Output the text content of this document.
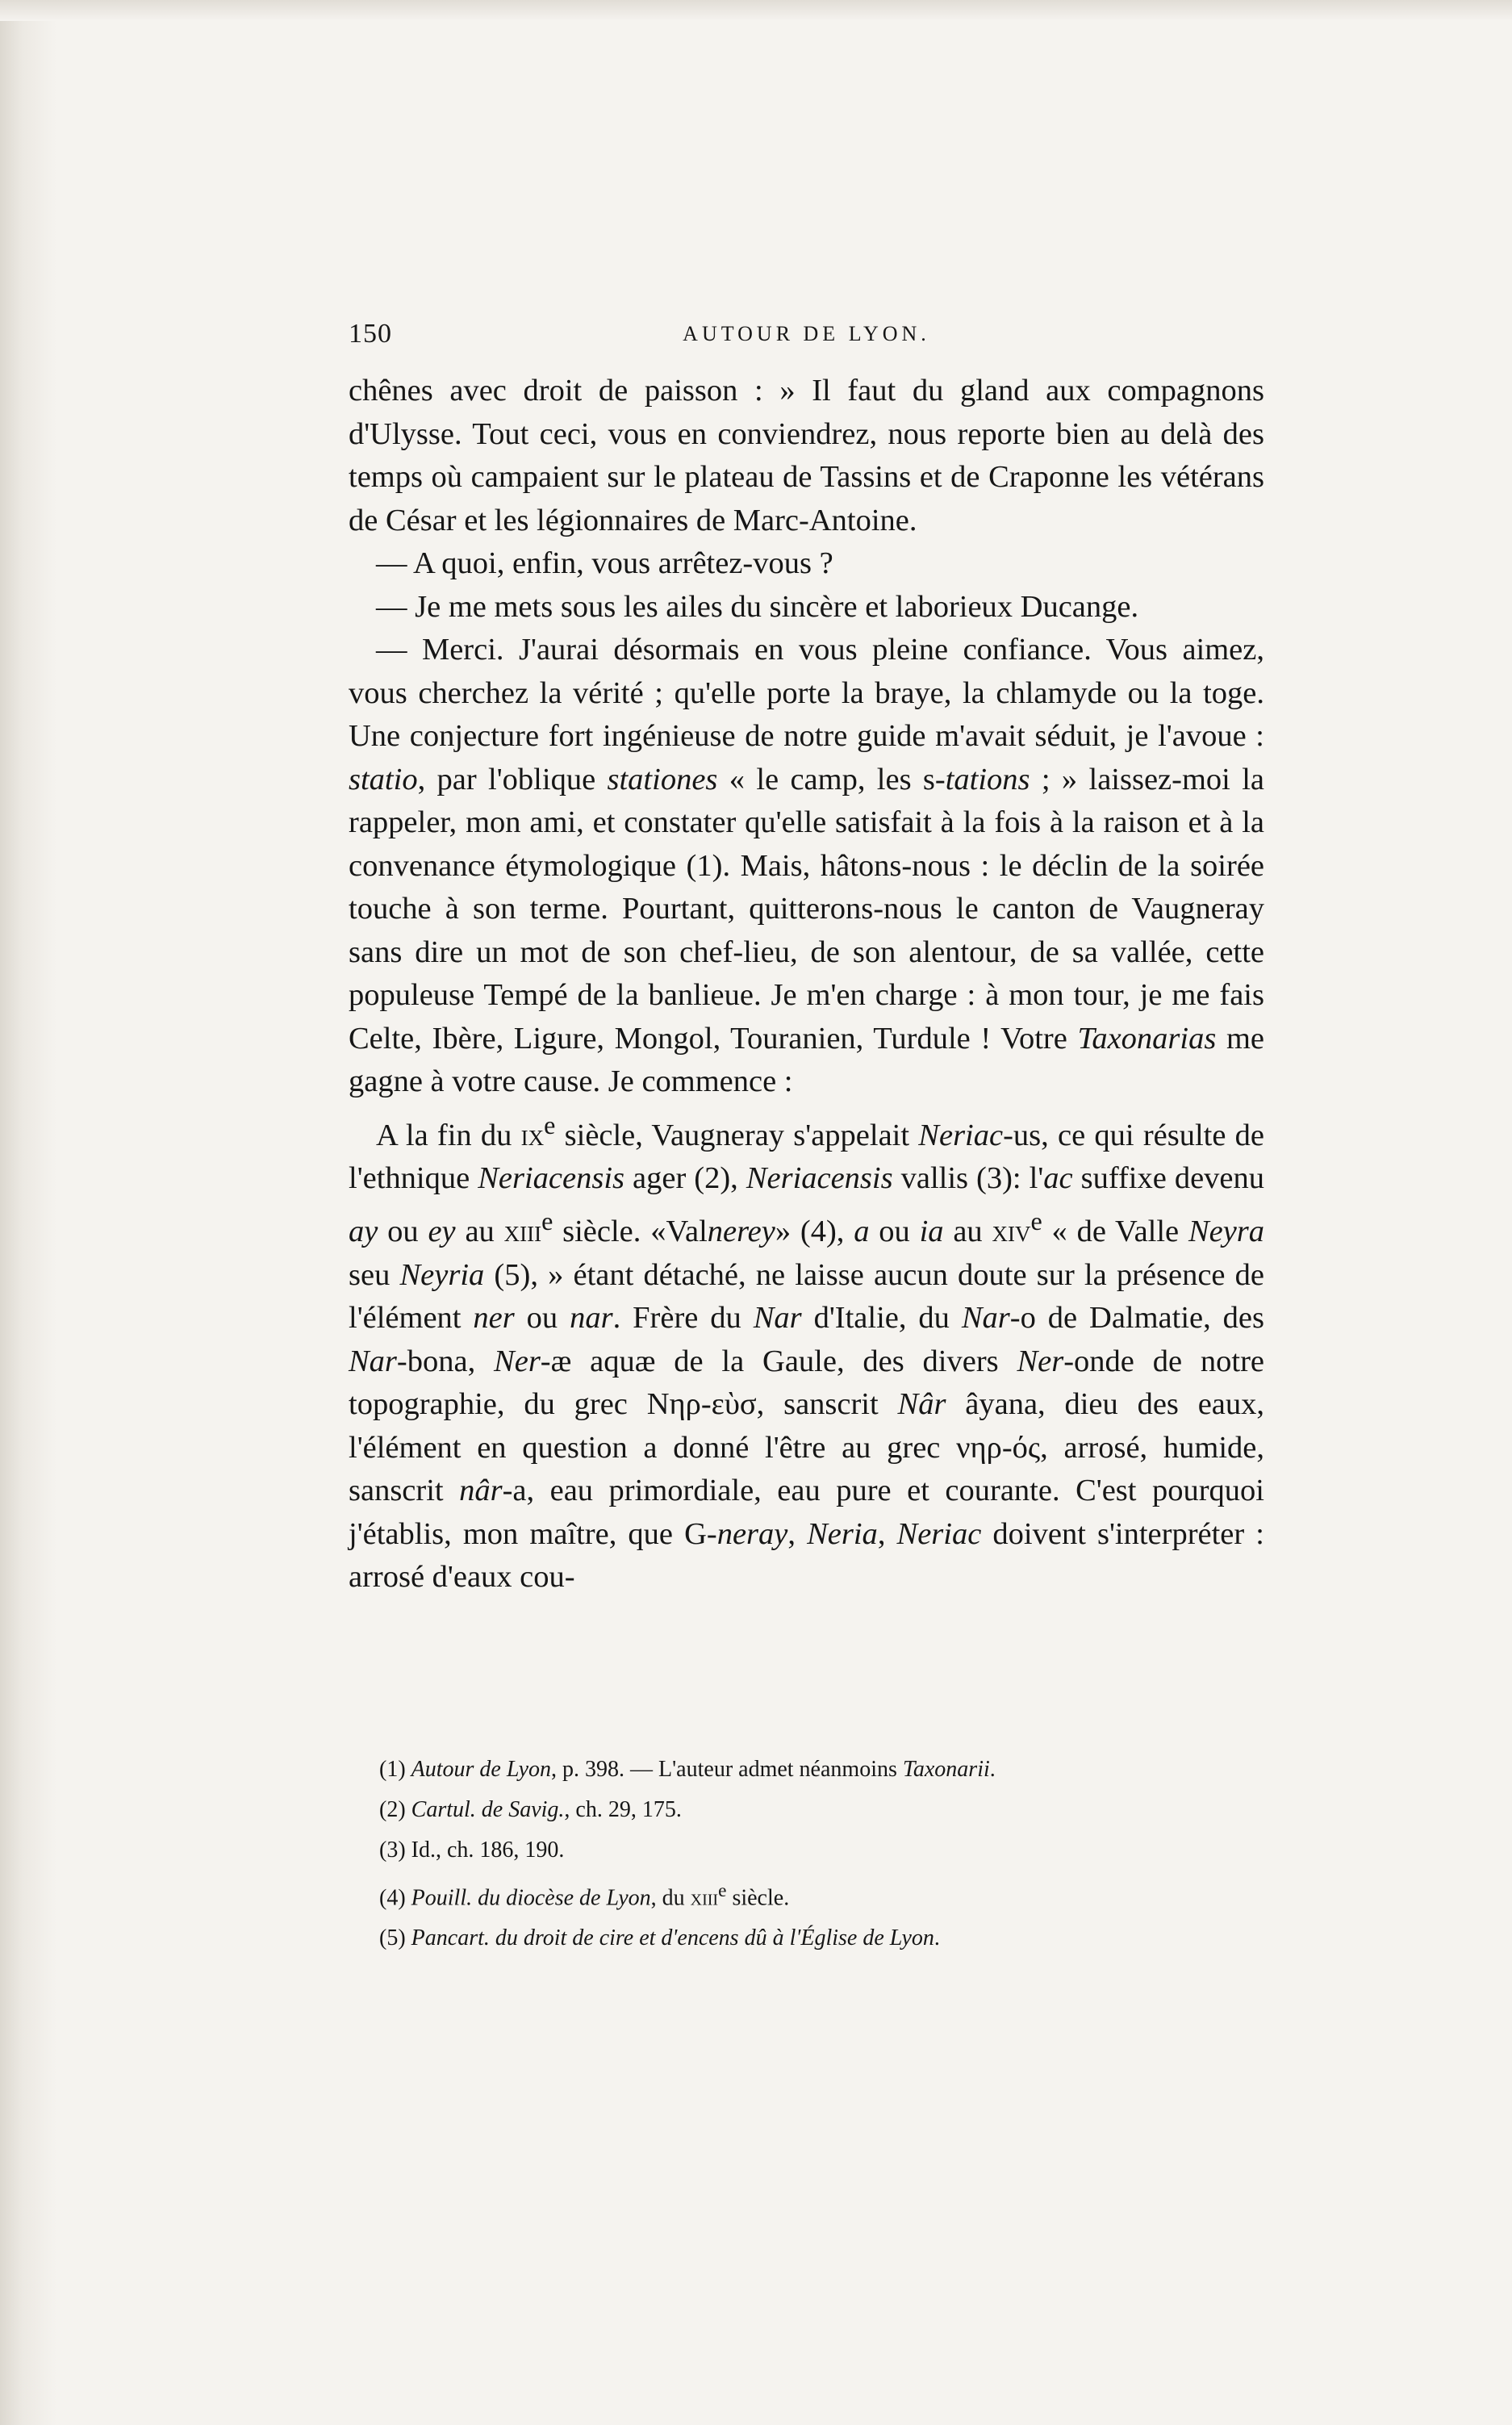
150	AUTOUR DE LYON.

chênes avec droit de paisson : » Il faut du gland aux compagnons d'Ulysse. Tout ceci, vous en conviendrez, nous reporte bien au delà des temps où campaient sur le plateau de Tassins et de Craponne les vétérans de César et les légionnaires de Marc-Antoine.

— A quoi, enfin, vous arrêtez-vous ?

— Je me mets sous les ailes du sincère et laborieux Ducange.

— Merci. J'aurai désormais en vous pleine confiance. Vous aimez, vous cherchez la vérité ; qu'elle porte la braye, la chlamyde ou la toge. Une conjecture fort ingénieuse de notre guide m'avait séduit, je l'avoue : statio, par l'oblique stationes « le camp, les s-tations ; » laissez-moi la rappeler, mon ami, et constater qu'elle satisfait à la fois à la raison et à la convenance étymologique (1). Mais, hâtons-nous : le déclin de la soirée touche à son terme. Pourtant, quitterons-nous le canton de Vaugneray sans dire un mot de son chef-lieu, de son alentour, de sa vallée, cette populeuse Tempé de la banlieue. Je m'en charge : à mon tour, je me fais Celte, Ibère, Ligure, Mongol, Touranien, Turdule ! Votre Taxonarias me gagne à votre cause. Je commence :

A la fin du $ix^e$ siècle, Vaugneray s'appelait Neriac-us, ce qui résulte de l'ethnique Neriacensis ager (2), Neriacensis vallis (3): l'ac suffixe devenu ay ou ey au xiii$^e$ siècle. «Valnerey» (4), a ou ia au xiv$^e$ « de Valle Neyra seu Neyria (5), » étant détaché, ne laisse aucun doute sur la présence de l'élément ner ou nar. Frère du Nar d'Italie, du Nar-o de Dalmatie, des Nar-bona, Ner-æ aquæ de la Gaule, des divers Ner-onde de notre topographie, du grec Νηρ-εὺσ, sanscrit Nâr âyana, dieu des eaux, l'élément en question a donné l'être au grec νηρ-ός, arrosé, humide, sanscrit nâr-a, eau primordiale, eau pure et courante. C'est pourquoi j'établis, mon maître, que G-neray, Neria, Neriac doivent s'interpréter : arrosé d'eaux cou-

(1) Autour de Lyon, p. 398. — L'auteur admet néanmoins Taxonarii.
(2) Cartul. de Savig., ch. 29, 175.
(3) Id., ch. 186, 190.
(4) Pouill. du diocèse de Lyon, du xiii$^e$ siècle.
(5) Pancart. du droit de cire et d'encens dû à l'Église de Lyon.
